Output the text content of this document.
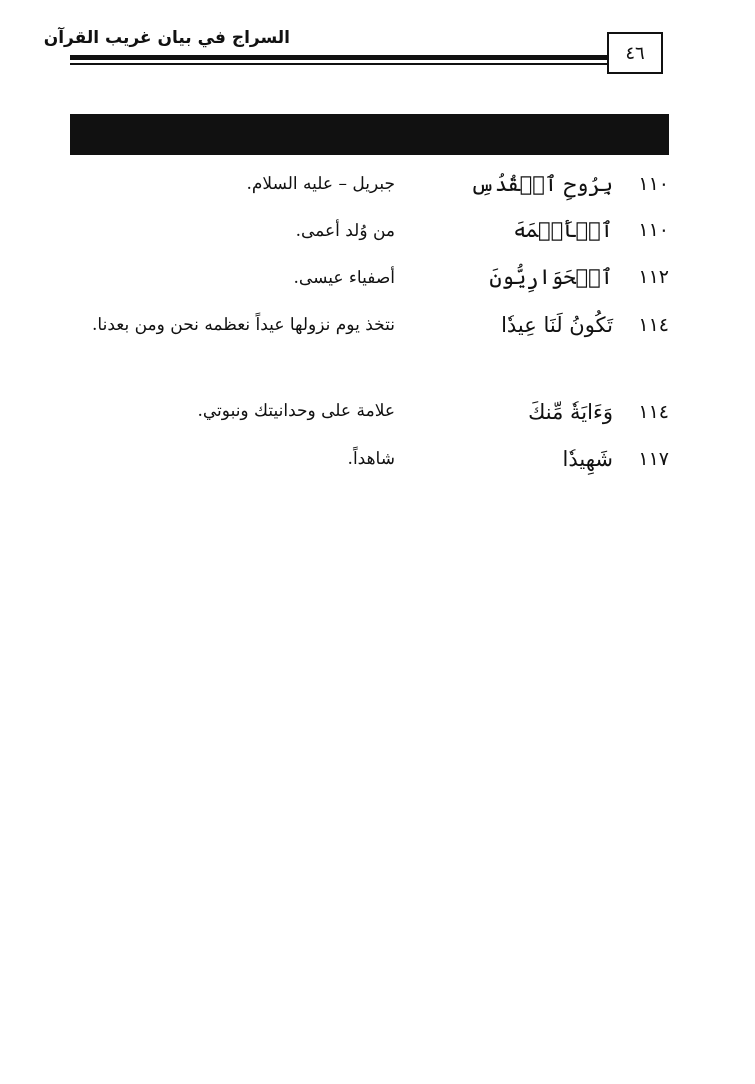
السراج في بيان غريب القرآن
٤٦
١١٠
بِرُوحِ ٱلۡقُدُسِ
جبريل – عليه السلام.
١١٠
ٱلۡأَكۡمَهَ
من وُلد أعمى.
١١٢
ٱلۡحَوَارِيُّونَ
أصفياء عيسى.
١١٤
تَكُونُ لَنَا عِيدٗا
نتخذ يوم نزولها عيداً نعظمه نحن ومن بعدنا.
١١٤
وَءَايَةٗ مِّنكَ
علامة على وحدانيتك ونبوتي.
١١٧
شَهِيدٗا
شاهداً.
